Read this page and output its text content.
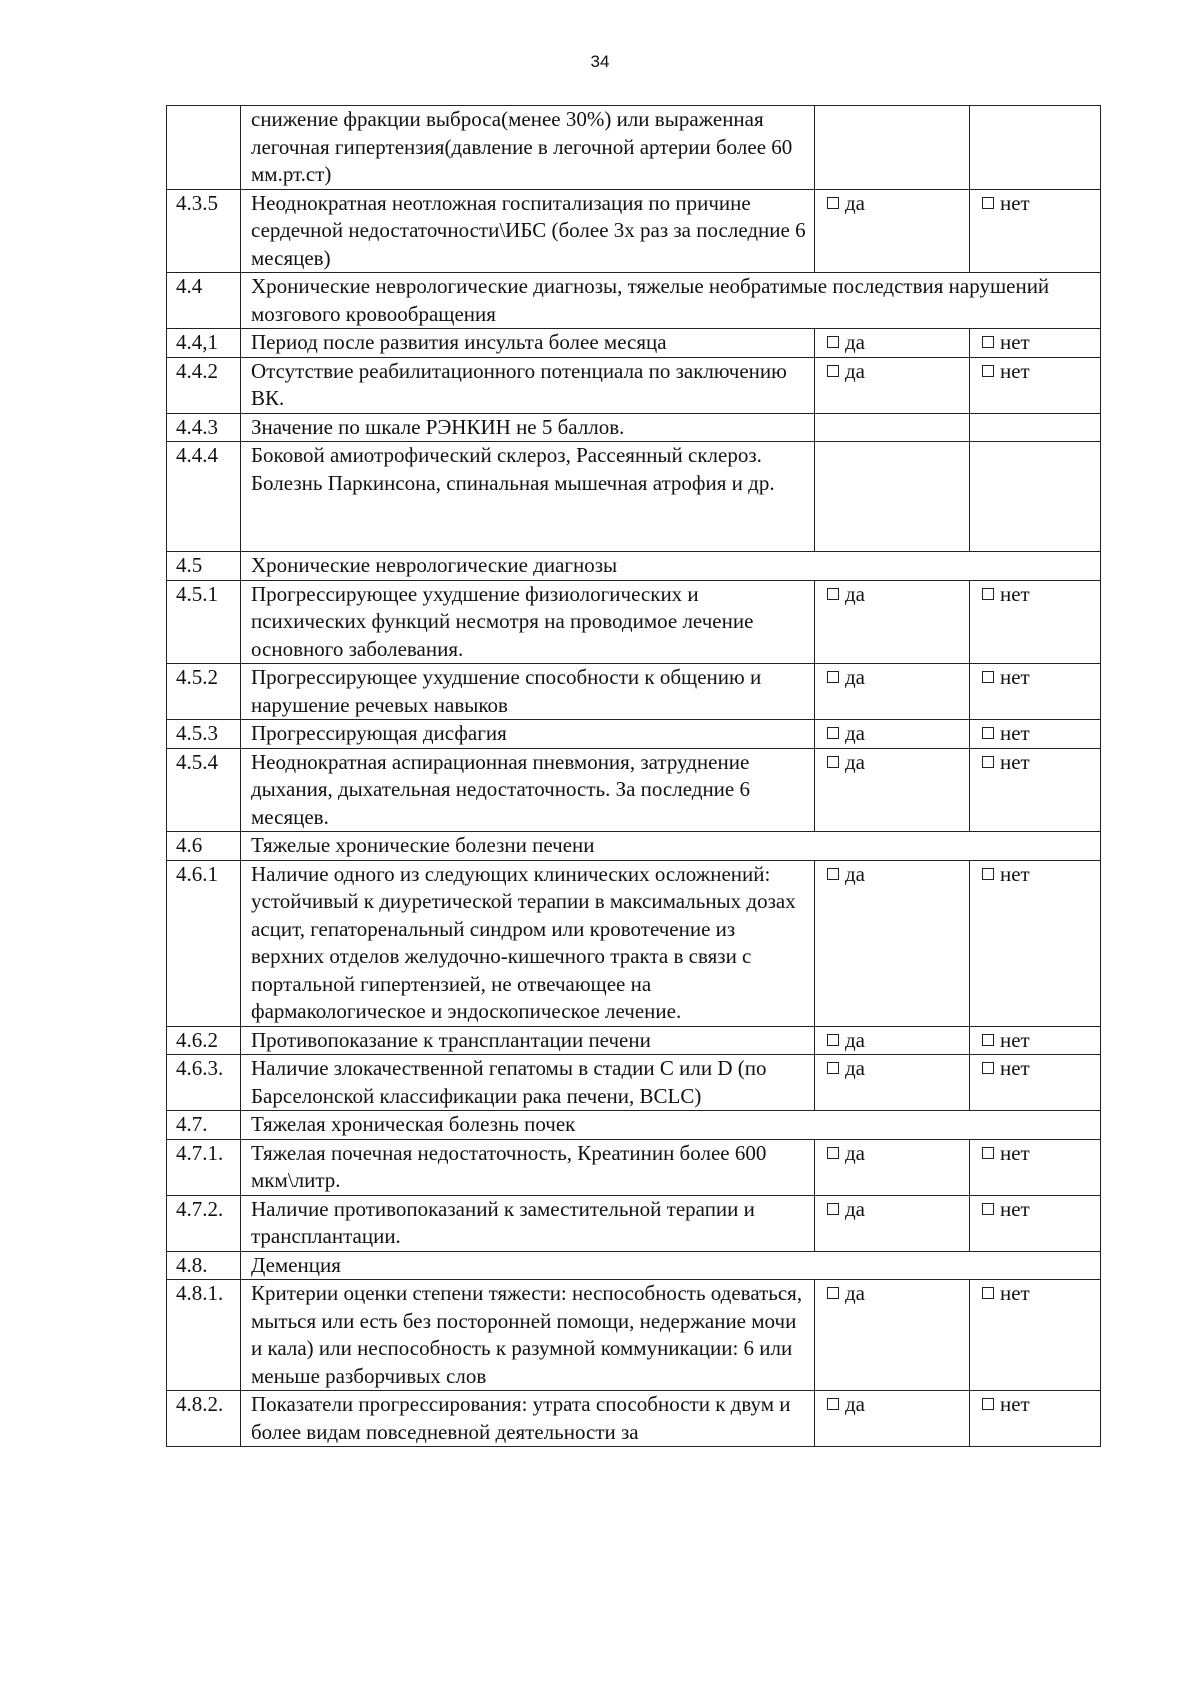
34
	снижение фракции выброса(менее 30%) или выраженная легочная гипертензия(давление в легочной артерии более 60 мм.рт.ст)		
4.3.5	Неоднократная неотложная госпитализация по причине сердечной недостаточности\ИБС (более 3х раз за последние 6 месяцев)	да	нет
4.4	Хронические неврологические диагнозы, тяжелые необратимые последствия нарушений мозгового кровообращения		
4.4,1	Период после развития инсульта более месяца	да	нет
4.4.2	Отсутствие реабилитационного потенциала по заключению ВК.	да	нет
4.4.3	Значение по шкале РЭНКИН не 5 баллов.		
4.4.4	Боковой амиотрофический склероз, Рассеянный склероз. Болезнь Паркинсона, спинальная мышечная атрофия и др.		
4.5	Хронические неврологические диагнозы		
4.5.1	Прогрессирующее ухудшение физиологических и психических функций несмотря на проводимое лечение основного заболевания.	да	нет
4.5.2	Прогрессирующее ухудшение способности к общению и нарушение речевых навыков	да	нет
4.5.3	Прогрессирующая дисфагия	да	нет
4.5.4	Неоднократная аспирационная пневмония, затруднение дыхания, дыхательная недостаточность. За последние 6 месяцев.	да	нет
4.6	Тяжелые хронические болезни печени		
4.6.1	Наличие одного из следующих клинических осложнений: устойчивый к диуретической терапии в максимальных дозах асцит, гепаторенальный синдром или кровотечение из верхних отделов желудочно-кишечного тракта в связи с портальной гипертензией, не отвечающее на фармакологическое и эндоскопическое лечение.	да	нет
4.6.2	Противопоказание к трансплантации печени	да	нет
4.6.3.	Наличие злокачественной гепатомы в стадии С или D (по Барселонской классификации рака печени, BCLC)	да	нет
4.7.	Тяжелая хроническая болезнь почек		
4.7.1.	Тяжелая почечная недостаточность, Креатинин более 600 мкм\литр.	да	нет
4.7.2.	Наличие противопоказаний к заместительной терапии и трансплантации.	да	нет
4.8.	Деменция		
4.8.1.	Критерии оценки степени тяжести: неспособность одеваться, мыться или есть без посторонней помощи, недержание мочи и кала) или неспособность к разумной коммуникации: 6 или меньше разборчивых слов	да	нет
4.8.2.	Показатели прогрессирования: утрата способности к двум и более видам повседневной деятельности за	да	нет
